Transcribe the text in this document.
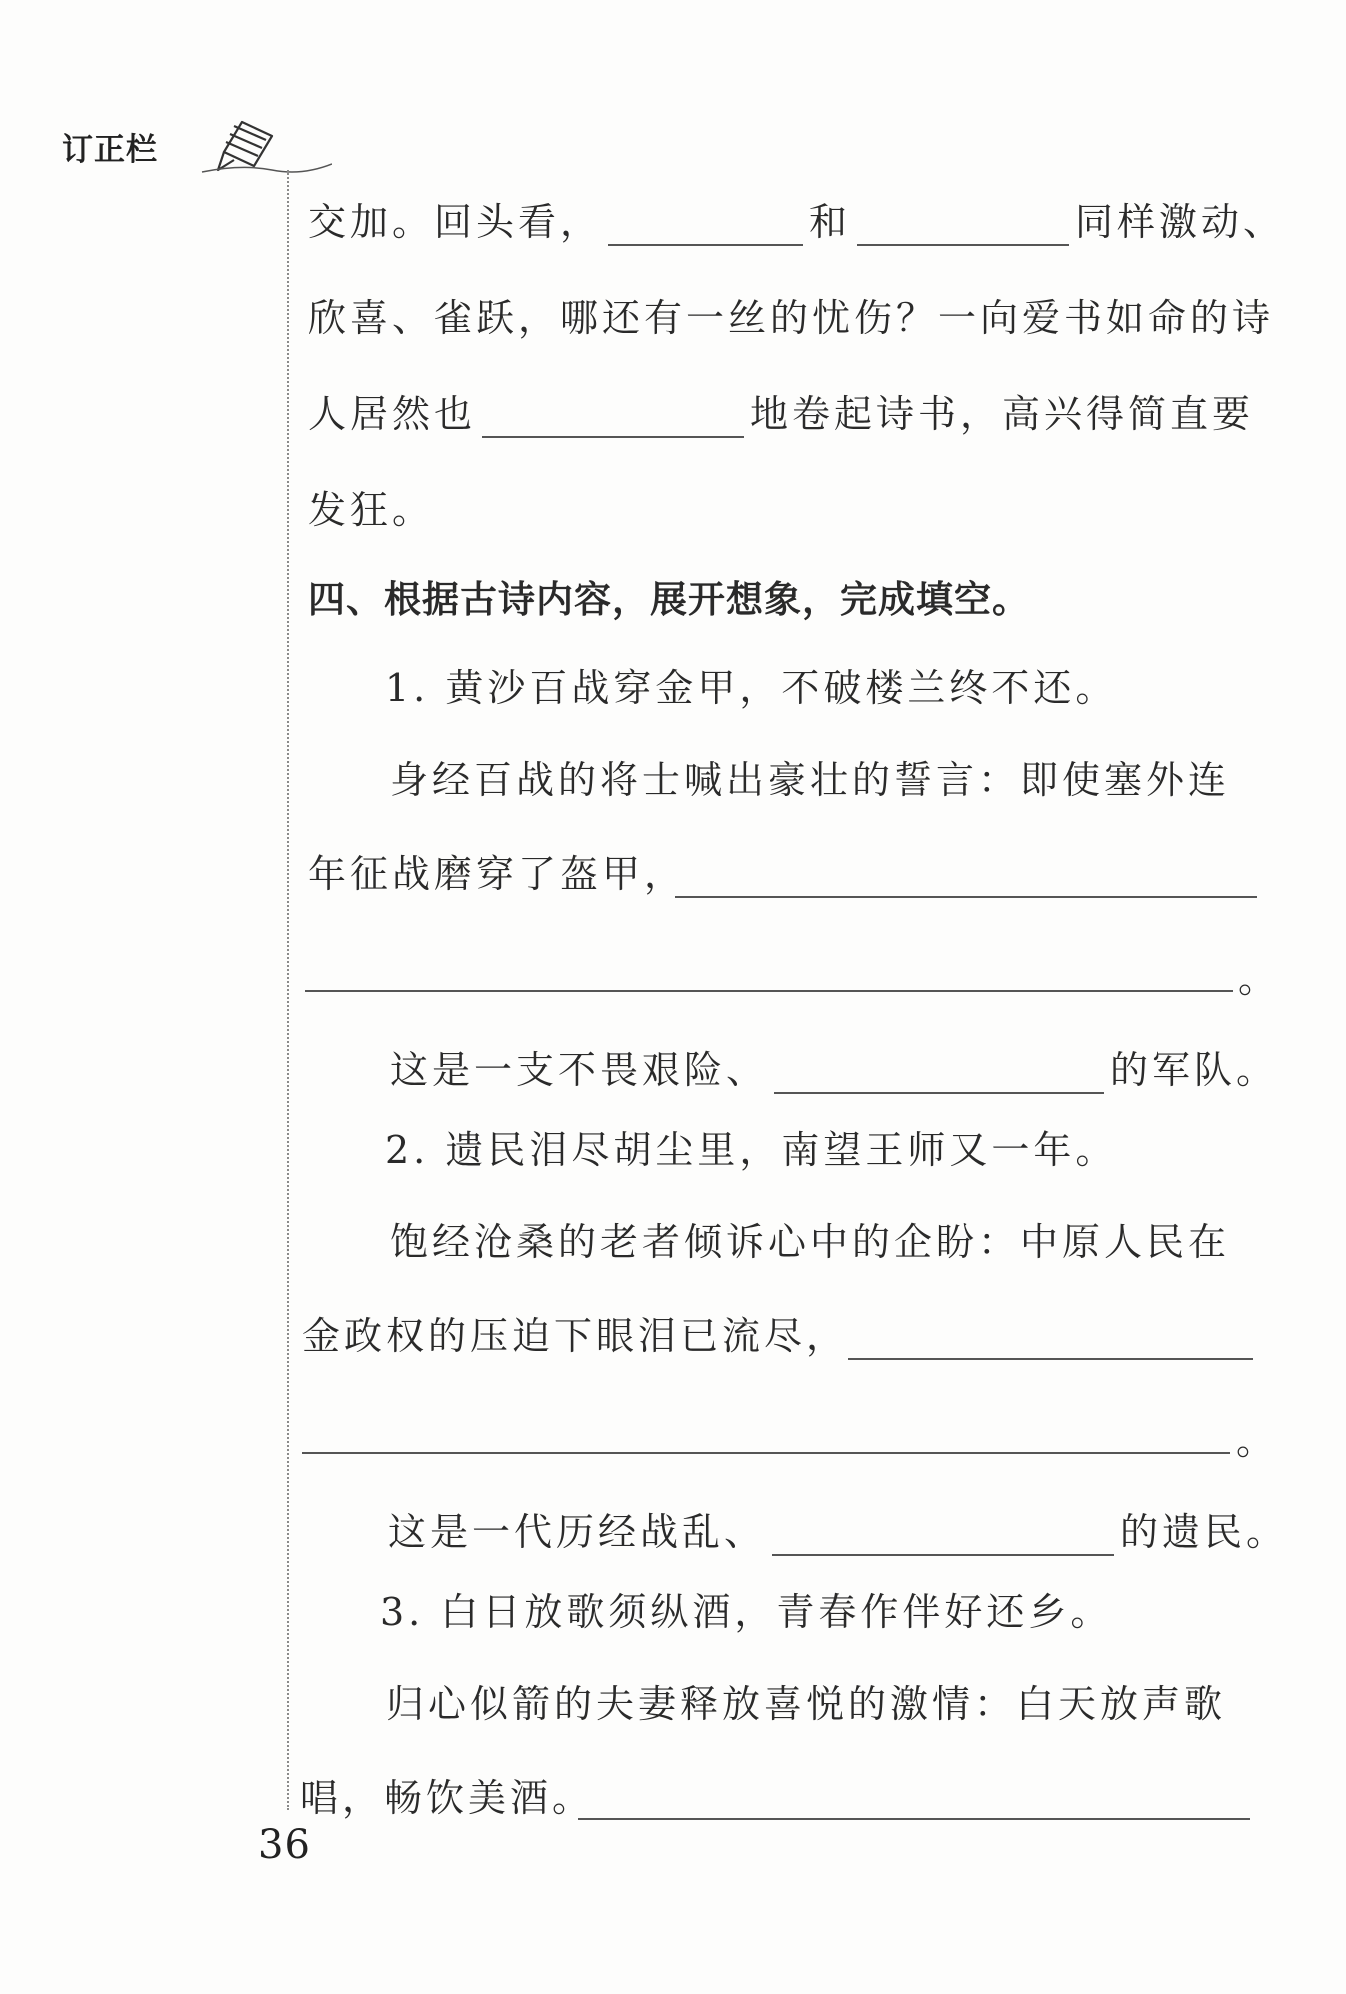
订正栏
交加。回头看，	和	同样激动、
欣喜、雀跃，哪还有一丝的忧伤？一向爱书如命的诗
人居然也	地卷起诗书，高兴得简直要
发狂。
四、根据古诗内容，展开想象，完成填空。
1. 黄沙百战穿金甲，不破楼兰终不还。
身经百战的将士喊出豪壮的誓言：即使塞外连
年征战磨穿了盔甲，
。
这是一支不畏艰险、	的军队。
2. 遗民泪尽胡尘里，南望王师又一年。
饱经沧桑的老者倾诉心中的企盼：中原人民在
金政权的压迫下眼泪已流尽，
。
这是一代历经战乱、	的遗民。
3. 白日放歌须纵酒，青春作伴好还乡。
归心似箭的夫妻释放喜悦的激情：白天放声歌
唱，畅饮美酒。
36
